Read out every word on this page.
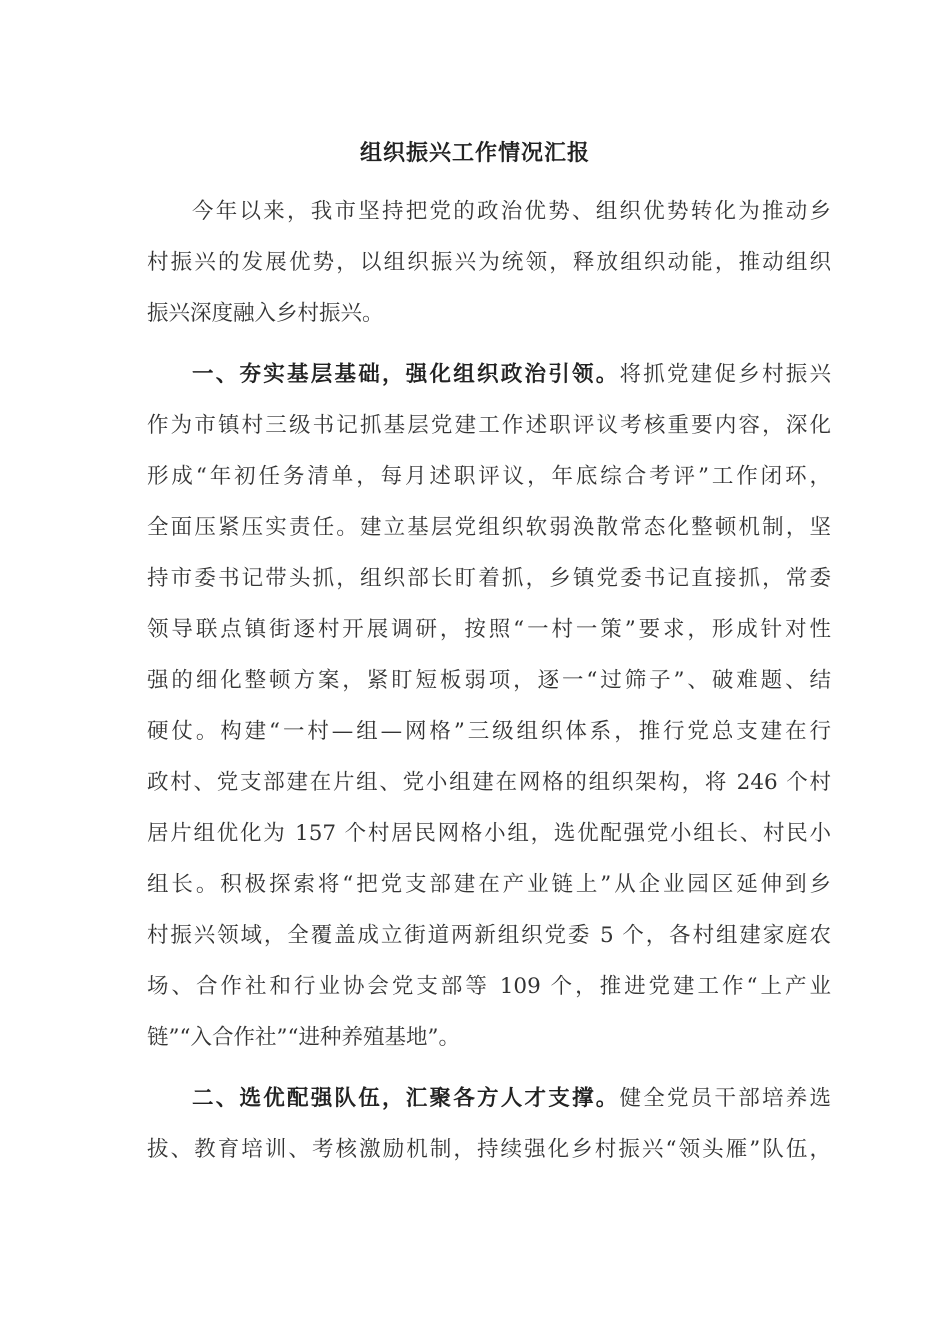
组织振兴工作情况汇报
今年以来，我市坚持把党的政治优势、组织优势转化为推动乡
村振兴的发展优势，以组织振兴为统领，释放组织动能，推动组织
振兴深度融入乡村振兴。
一、夯实基层基础，强化组织政治引领。将抓党建促乡村振兴
作为市镇村三级书记抓基层党建工作述职评议考核重要内容，深化
形成“年初任务清单，每月述职评议，年底综合考评”工作闭环，
全面压紧压实责任。建立基层党组织软弱涣散常态化整顿机制，坚
持市委书记带头抓，组织部长盯着抓，乡镇党委书记直接抓，常委
领导联点镇街逐村开展调研，按照“一村一策”要求，形成针对性
强的细化整顿方案，紧盯短板弱项，逐一“过筛子”、破难题、结
硬仗。构建“一村—组—网格”三级组织体系，推行党总支建在行
政村、党支部建在片组、党小组建在网格的组织架构，将 246 个村
居片组优化为 157 个村居民网格小组，选优配强党小组长、村民小
组长。积极探索将“把党支部建在产业链上”从企业园区延伸到乡
村振兴领域，全覆盖成立街道两新组织党委 5 个，各村组建家庭农
场、合作社和行业协会党支部等 109 个，推进党建工作“上产业
链”“入合作社”“进种养殖基地”。
二、选优配强队伍，汇聚各方人才支撑。健全党员干部培养选
拔、教育培训、考核激励机制，持续强化乡村振兴“领头雁”队伍，
